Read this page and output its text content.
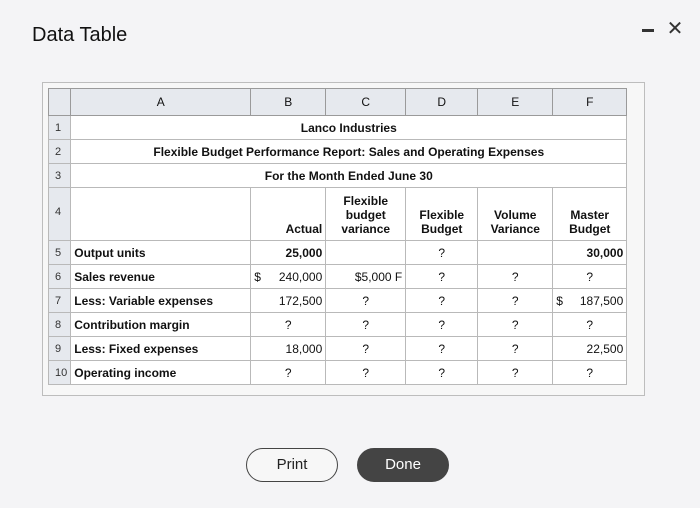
Data Table	✕
	A	B	C	D	E	F
1	Lanco Industries					
2	Flexible Budget Performance Report: Sales and Operating Expenses					
3	For the Month Ended June 30					
4		Actual	Flexible budget variance	Flexible Budget	Volume Variance	Master Budget
5	Output units	25,000		?		30,000
6	Sales revenue	$ 240,000	$5,000 F	?	?	?
7	Less: Variable expenses	172,500	?	?	?	$ 187,500

8	Contribution margin	?	?	?	?	?
9	Less: Fixed expenses	18,000	?	?	?	22,500
10	Operating income	?	?	?	?	?
Print	Done
